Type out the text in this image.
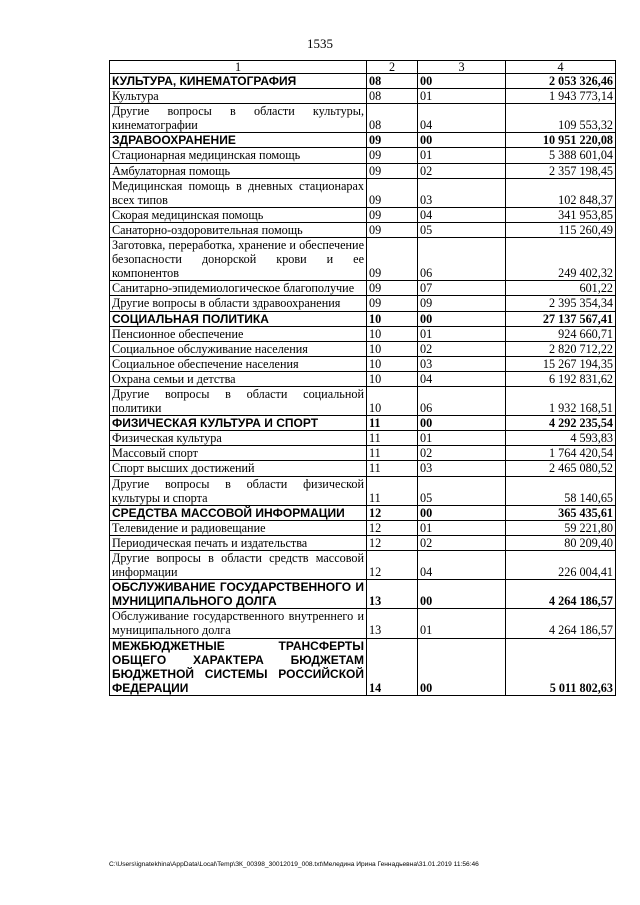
1535
1	2	3	4
КУЛЬТУРА, КИНЕМАТОГРАФИЯ	08	00	2 053 326,46
Культура	08	01	1 943 773,14
Другие вопросы в области культуры, кинематографии	08	04	109 553,32
ЗДРАВООХРАНЕНИЕ	09	00	10 951 220,08
Стационарная медицинская помощь	09	01	5 388 601,04
Амбулаторная помощь	09	02	2 357 198,45
Медицинская помощь в дневных стационарах всех типов	09	03	102 848,37
Скорая медицинская помощь	09	04	341 953,85
Санаторно-оздоровительная помощь	09	05	115 260,49
Заготовка, переработка, хранение и обеспечение безопасности донорской крови и ее компонентов	09	06	249 402,32
Санитарно-эпидемиологическое благополучие	09	07	601,22
Другие вопросы в области здравоохранения	09	09	2 395 354,34
СОЦИАЛЬНАЯ ПОЛИТИКА	10	00	27 137 567,41
Пенсионное обеспечение	10	01	924 660,71
Социальное обслуживание населения	10	02	2 820 712,22
Социальное обеспечение населения	10	03	15 267 194,35
Охрана семьи и детства	10	04	6 192 831,62
Другие вопросы в области социальной политики	10	06	1 932 168,51
ФИЗИЧЕСКАЯ КУЛЬТУРА И СПОРТ	11	00	4 292 235,54
Физическая культура	11	01	4 593,83
Массовый спорт	11	02	1 764 420,54
Спорт высших достижений	11	03	2 465 080,52
Другие вопросы в области физической культуры и спорта	11	05	58 140,65
СРЕДСТВА МАССОВОЙ ИНФОРМАЦИИ	12	00	365 435,61
Телевидение и радиовещание	12	01	59 221,80
Периодическая печать и издательства	12	02	80 209,40
Другие вопросы в области средств массовой информации	12	04	226 004,41
ОБСЛУЖИВАНИЕ ГОСУДАРСТВЕННОГО И МУНИЦИПАЛЬНОГО ДОЛГА	13	00	4 264 186,57
Обслуживание государственного внутреннего и муниципального долга	13	01	4 264 186,57
МЕЖБЮДЖЕТНЫЕ ТРАНСФЕРТЫ ОБЩЕГО ХАРАКТЕРА БЮДЖЕТАМ БЮДЖЕТНОЙ СИСТЕМЫ РОССИЙСКОЙ ФЕДЕРАЦИИ	14	00	5 011 802,63
C:\Users\ignatekhina\AppData\Local\Temp\ЗК_00398_30012019_008.txt\Меледина Ирина Геннадьевна\31.01.2019 11:56:46
